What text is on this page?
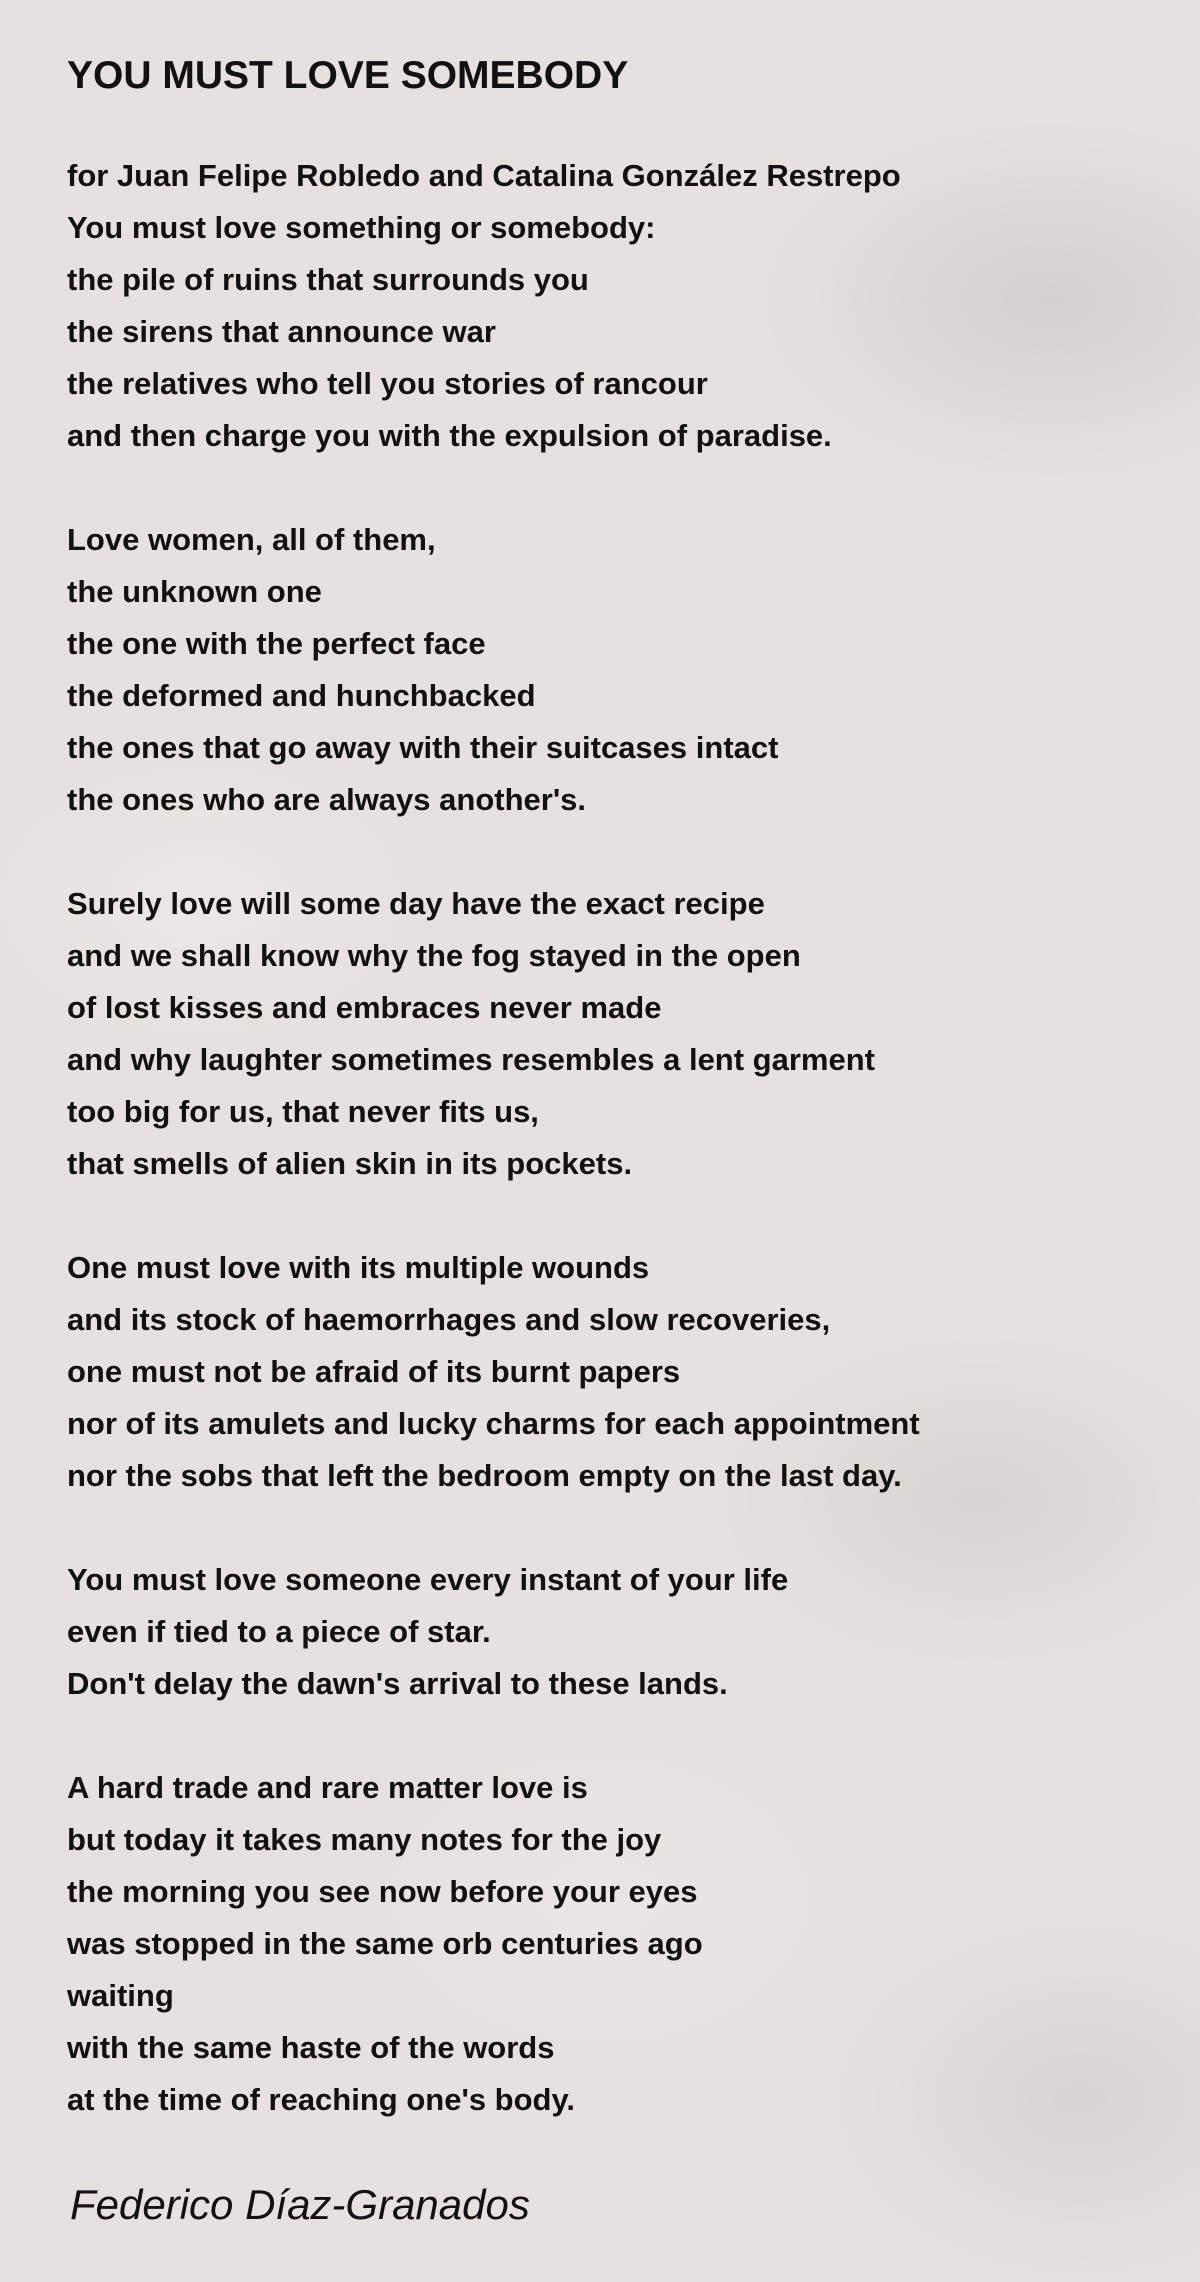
YOU MUST LOVE SOMEBODY
for Juan Felipe Robledo and Catalina González Restrepo
You must love something or somebody:
the pile of ruins that surrounds you
the sirens that announce war
the relatives who tell you stories of rancour
and then charge you with the expulsion of paradise.
Love women, all of them,
the unknown one
the one with the perfect face
the deformed and hunchbacked
the ones that go away with their suitcases intact
the ones who are always another's.
Surely love will some day have the exact recipe
and we shall know why the fog stayed in the open
of lost kisses and embraces never made
and why laughter sometimes resembles a lent garment
too big for us, that never fits us,
that smells of alien skin in its pockets.
One must love with its multiple wounds
and its stock of haemorrhages and slow recoveries,
one must not be afraid of its burnt papers
nor of its amulets and lucky charms for each appointment
nor the sobs that left the bedroom empty on the last day.
You must love someone every instant of your life
even if tied to a piece of star.
Don't delay the dawn's arrival to these lands.
A hard trade and rare matter love is
but today it takes many notes for the joy
the morning you see now before your eyes
was stopped in the same orb centuries ago
waiting
with the same haste of the words
at the time of reaching one's body.

Federico Díaz-Granados
